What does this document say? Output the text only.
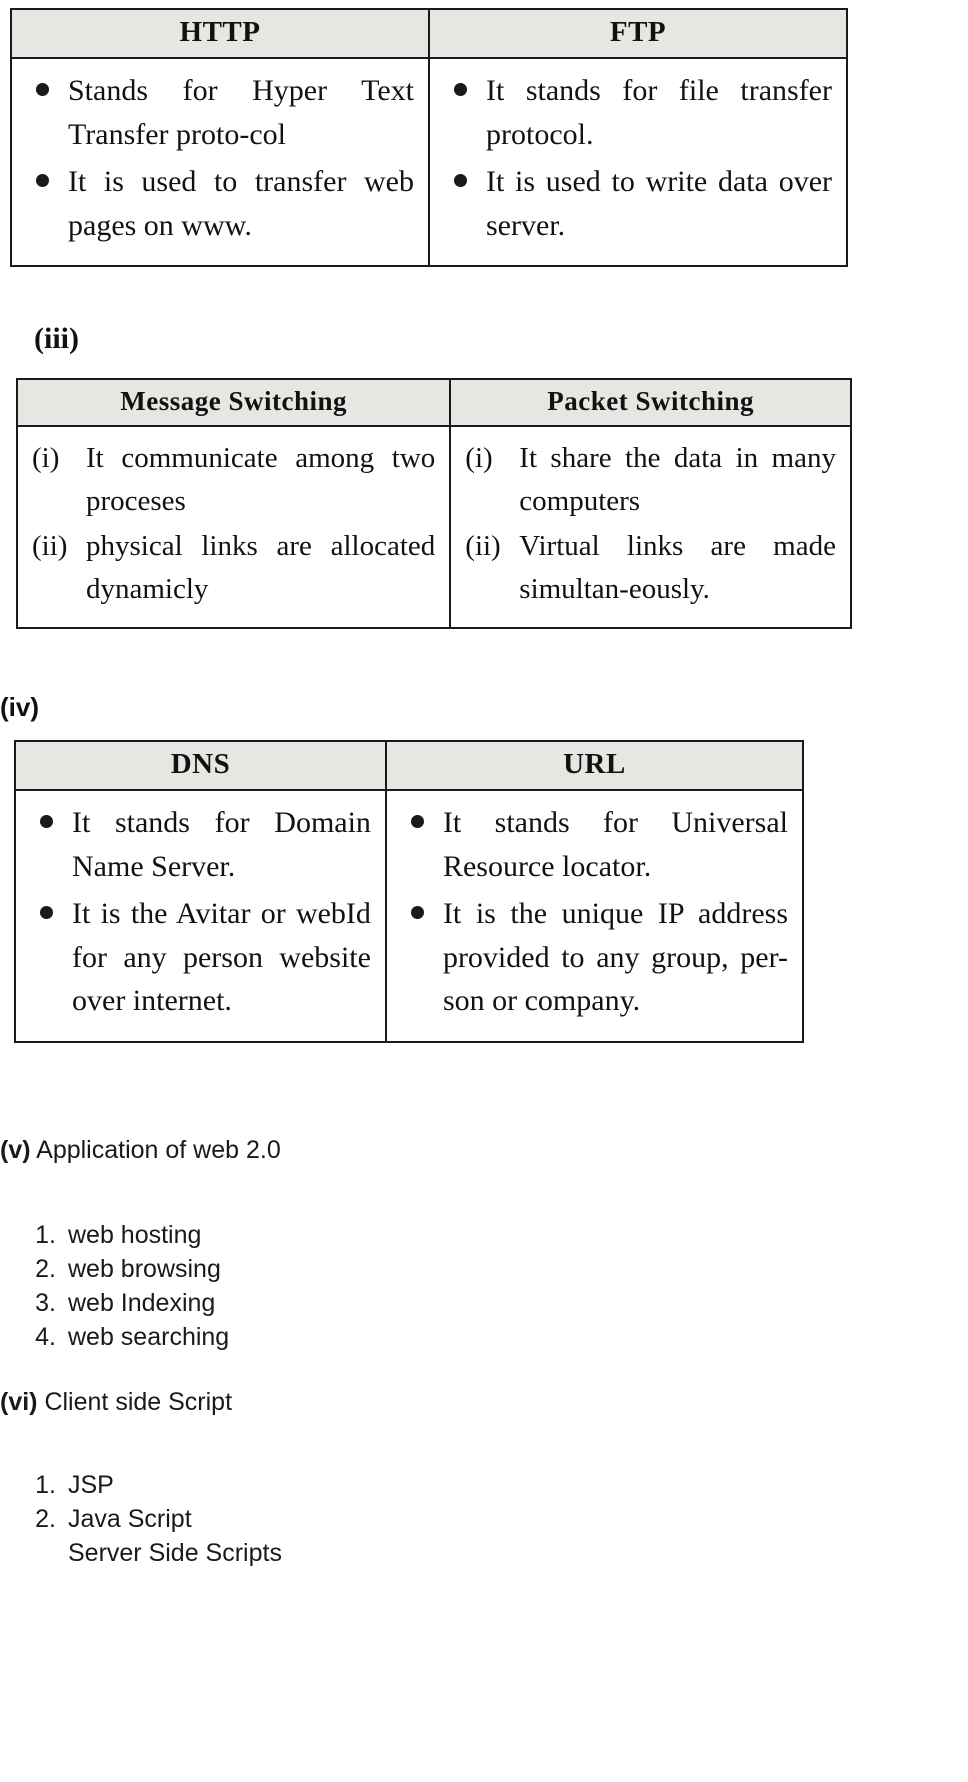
HTTP	FTP

Stands for Hyper Text Transfer proto-col
It is used to transfer web pages on www.

It stands for file transfer protocol.
It is used to write data over server.
(iii)
Message Switching	Packet Switching

(i) It communicate among two proceses
(ii) physical links are allocated dynamicly

(i) It share the data in many computers
(ii) Virtual links are made simultan-eously.
(iv)
DNS	URL

It stands for Domain Name Server.
It is the Avitar or webId for any person website over internet.

It stands for Universal Resource locator.
It is the unique IP address provided to any group, per-son or company.
(v) Application of web 2.0
1. web hosting
2. web browsing
3. web Indexing
4. web searching
(vi) Client side Script
1. JSP
2. Java Script
Server Side Scripts
